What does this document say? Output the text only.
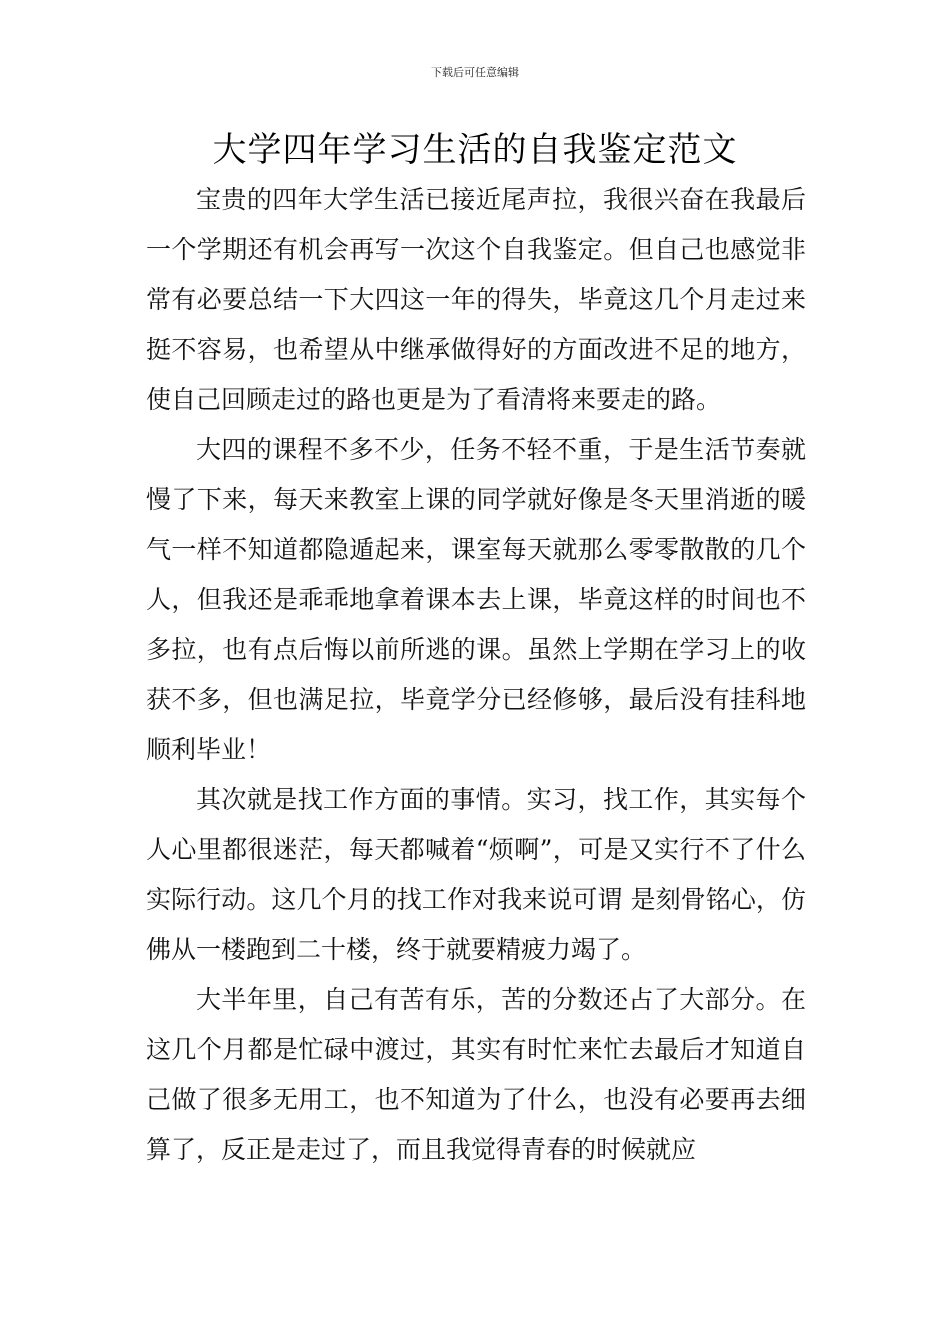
下载后可任意编辑
大学四年学习生活的自我鉴定范文

宝贵的四年大学生活已接近尾声拉，我很兴奋在我最后一个学期还有机会再写一次这个自我鉴定。但自己也感觉非常有必要总结一下大四这一年的得失，毕竟这几个月走过来挺不容易，也希望从中继承做得好的方面改进不足的地方，使自己回顾走过的路也更是为了看清将来要走的路。

大四的课程不多不少，任务不轻不重，于是生活节奏就慢了下来，每天来教室上课的同学就好像是冬天里消逝的暖气一样不知道都隐遁起来，课室每天就那么零零散散的几个人，但我还是乖乖地拿着课本去上课，毕竟这样的时间也不多拉，也有点后悔以前所逃的课。虽然上学期在学习上的收获不多，但也满足拉，毕竟学分已经修够，最后没有挂科地顺利毕业！

其次就是找工作方面的事情。实习，找工作，其实每个人心里都很迷茫，每天都喊着“烦啊”，可是又实行不了什么实际行动。这几个月的找工作对我来说可谓 是刻骨铭心，仿佛从一楼跑到二十楼，终于就要精疲力竭了。

大半年里，自己有苦有乐，苦的分数还占了大部分。在这几个月都是忙碌中渡过，其实有时忙来忙去最后才知道自己做了很多无用工，也不知道为了什么，也没有必要再去细算了，反正是走过了，而且我觉得青春的时候就应
